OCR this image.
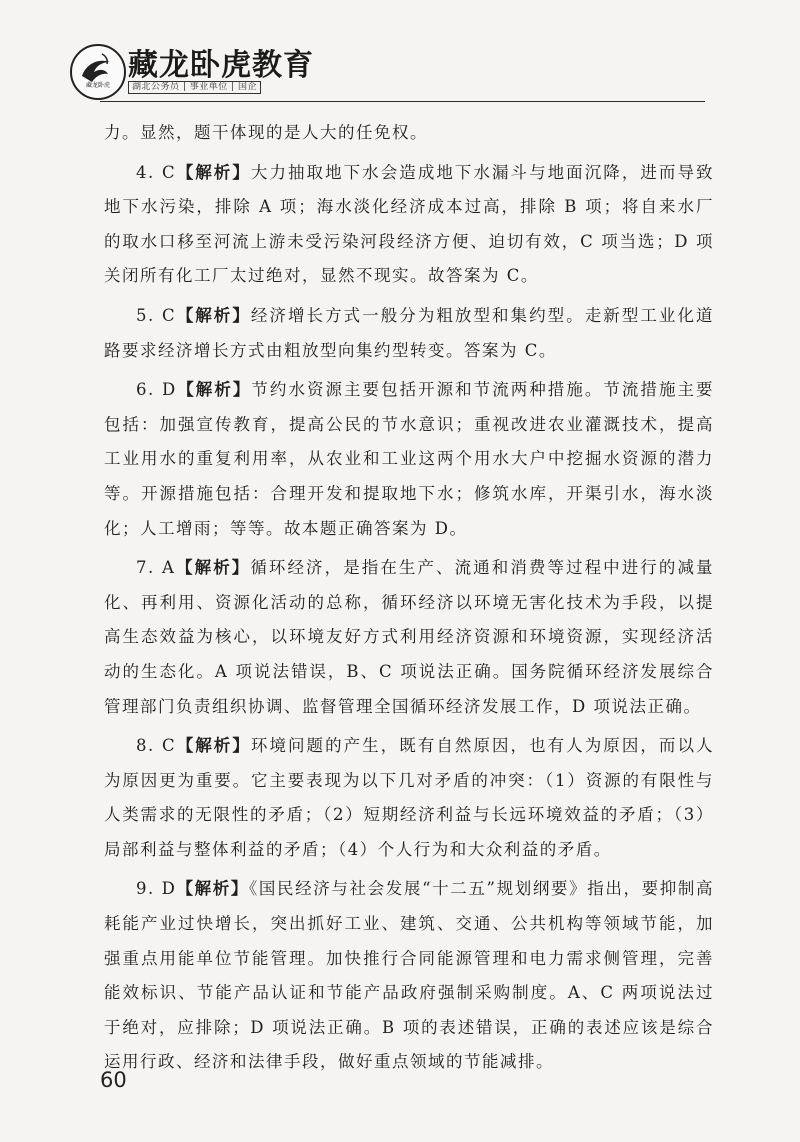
藏龙卧虎
藏龙卧虎教育
湖北公务员 | 事业单位 | 国企

力。显然，题干体现的是人大的任免权。

4. C【解析】大力抽取地下水会造成地下水漏斗与地面沉降，进而导致地下水污染，排除 A 项；海水淡化经济成本过高，排除 B 项；将自来水厂的取水口移至河流上游未受污染河段经济方便、迫切有效，C 项当选；D 项关闭所有化工厂太过绝对，显然不现实。故答案为 C。

5. C【解析】经济增长方式一般分为粗放型和集约型。走新型工业化道路要求经济增长方式由粗放型向集约型转变。答案为 C。

6. D【解析】节约水资源主要包括开源和节流两种措施。节流措施主要包括：加强宣传教育，提高公民的节水意识；重视改进农业灌溉技术，提高工业用水的重复利用率，从农业和工业这两个用水大户中挖掘水资源的潜力等。开源措施包括：合理开发和提取地下水；修筑水库，开渠引水，海水淡化；人工增雨；等等。故本题正确答案为 D。

7. A【解析】循环经济，是指在生产、流通和消费等过程中进行的减量化、再利用、资源化活动的总称，循环经济以环境无害化技术为手段，以提高生态效益为核心，以环境友好方式利用经济资源和环境资源，实现经济活动的生态化。A 项说法错误，B、C 项说法正确。国务院循环经济发展综合管理部门负责组织协调、监督管理全国循环经济发展工作，D 项说法正确。

8. C【解析】环境问题的产生，既有自然原因，也有人为原因，而以人为原因更为重要。它主要表现为以下几对矛盾的冲突：（1）资源的有限性与人类需求的无限性的矛盾；（2）短期经济利益与长远环境效益的矛盾；（3）局部利益与整体利益的矛盾；（4）个人行为和大众利益的矛盾。

9. D【解析】《国民经济与社会发展“十二五”规划纲要》指出，要抑制高耗能产业过快增长，突出抓好工业、建筑、交通、公共机构等领域节能，加强重点用能单位节能管理。加快推行合同能源管理和电力需求侧管理，完善能效标识、节能产品认证和节能产品政府强制采购制度。A、C 两项说法过于绝对，应排除；D 项说法正确。B 项的表述错误，正确的表述应该是综合运用行政、经济和法律手段，做好重点领域的节能减排。

60
